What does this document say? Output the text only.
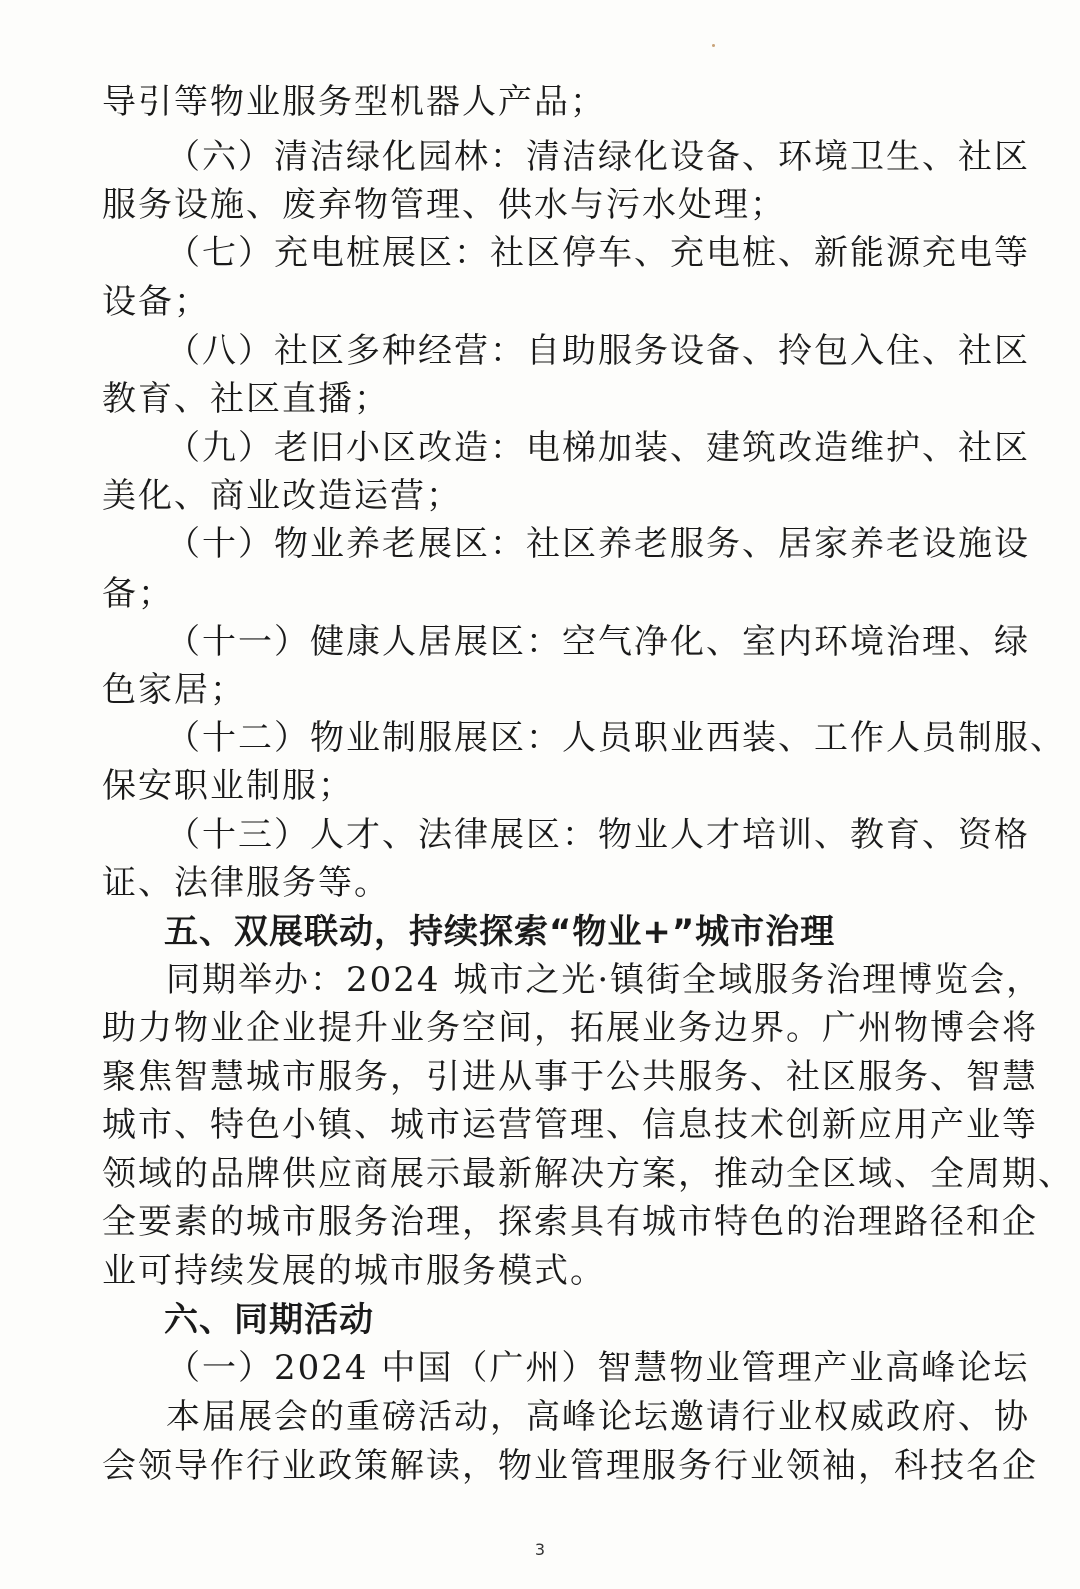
导引等物业服务型机器人产品；
（六）清洁绿化园林：清洁绿化设备、环境卫生、社区
服务设施、废弃物管理、供水与污水处理；
（七）充电桩展区：社区停车、充电桩、新能源充电等
设备；
（八）社区多种经营：自助服务设备、拎包入住、社区
教育、社区直播；
（九）老旧小区改造：电梯加装、建筑改造维护、社区
美化、商业改造运营；
（十）物业养老展区：社区养老服务、居家养老设施设
备；
（十一）健康人居展区：空气净化、室内环境治理、绿
色家居；
（十二）物业制服展区：人员职业西装、工作人员制服、
保安职业制服；
（十三）人才、法律展区：物业人才培训、教育、资格
证、法律服务等。
五、双展联动，持续探索“物业+”城市治理
同期举办：2024 城市之光·镇街全域服务治理博览会，
助力物业企业提升业务空间，拓展业务边界。广州物博会将
聚焦智慧城市服务，引进从事于公共服务、社区服务、智慧
城市、特色小镇、城市运营管理、信息技术创新应用产业等
领域的品牌供应商展示最新解决方案，推动全区域、全周期、
全要素的城市服务治理，探索具有城市特色的治理路径和企
业可持续发展的城市服务模式。
六、同期活动
（一）2024 中国（广州）智慧物业管理产业高峰论坛
本届展会的重磅活动，高峰论坛邀请行业权威政府、协
会领导作行业政策解读，物业管理服务行业领袖，科技名企
3
